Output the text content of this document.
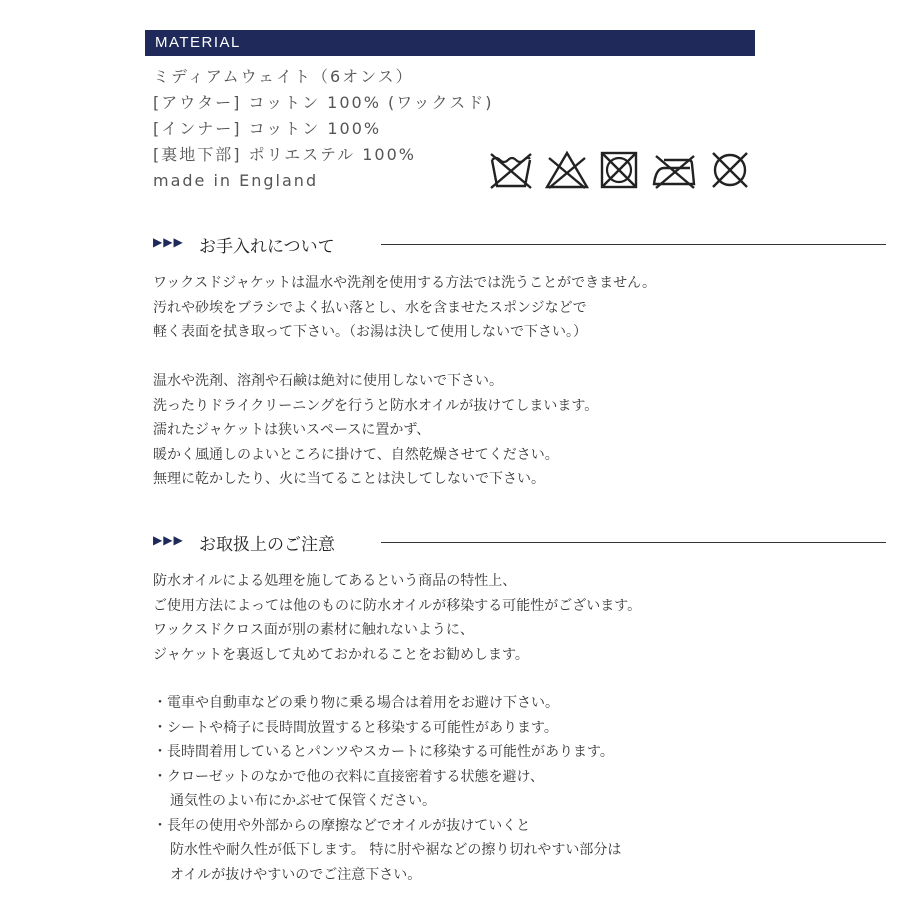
MATERIAL
ミディアムウェイト（6オンス）
[アウター] コットン 100% (ワックスド)
[インナー] コットン 100%
[裏地下部] ポリエステル 100%
made in England
▶▶▶ お手入れについて
ワックスドジャケットは温水や洗剤を使用する方法では洗うことができません。
汚れや砂埃をブラシでよく払い落とし、水を含ませたスポンジなどで
軽く表面を拭き取って下さい。（お湯は決して使用しないで下さい。）
温水や洗剤、溶剤や石鹸は絶対に使用しないで下さい。
洗ったりドライクリーニングを行うと防水オイルが抜けてしまいます。
濡れたジャケットは狭いスペースに置かず、
暖かく風通しのよいところに掛けて、自然乾燥させてください。
無理に乾かしたり、火に当てることは決してしないで下さい。
▶▶▶ お取扱上のご注意
防水オイルによる処理を施してあるという商品の特性上、
ご使用方法によっては他のものに防水オイルが移染する可能性がございます。
ワックスドクロス面が別の素材に触れないように、
ジャケットを裏返して丸めておかれることをお勧めします。
・電車や自動車などの乗り物に乗る場合は着用をお避け下さい。
・シートや椅子に長時間放置すると移染する可能性があります。
・長時間着用しているとパンツやスカートに移染する可能性があります。
・クローゼットのなかで他の衣料に直接密着する状態を避け、
通気性のよい布にかぶせて保管ください。
・長年の使用や外部からの摩擦などでオイルが抜けていくと
防水性や耐久性が低下します。 特に肘や裾などの擦り切れやすい部分は
オイルが抜けやすいのでご注意下さい。
